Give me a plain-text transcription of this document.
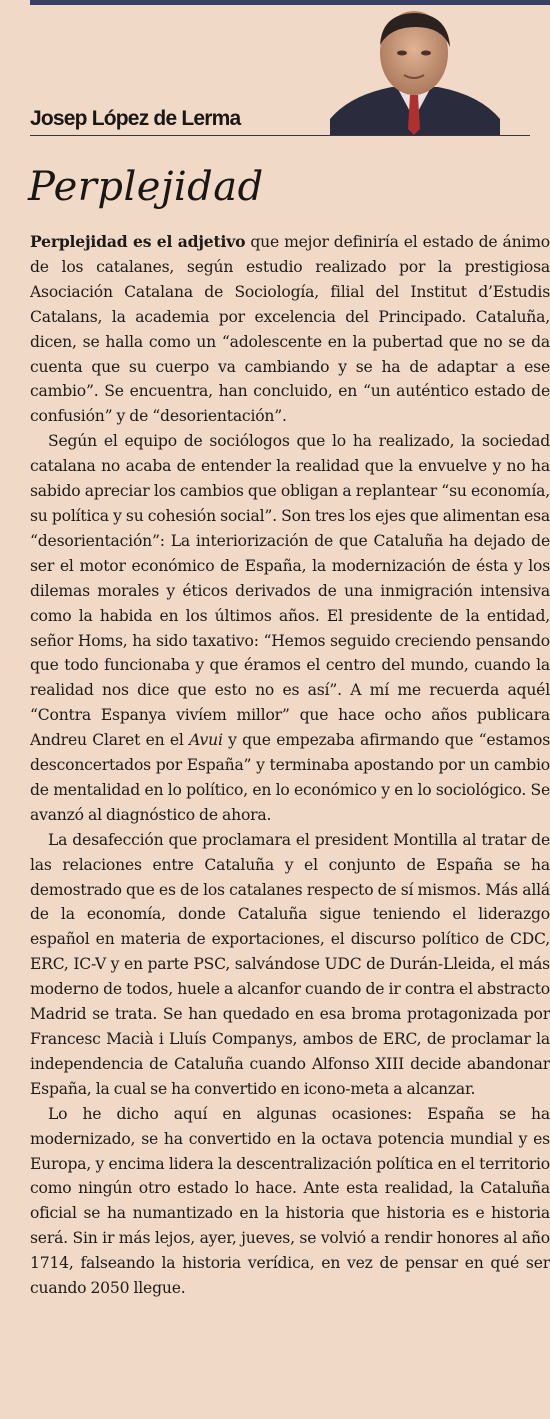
Josep López de Lerma
Perplejidad

Perplejidad es el adjetivo que mejor definiría el estado de ánimo de los catalanes, según estudio realizado por la prestigiosa Asociación Catalana de Sociología, filial del Institut d’Estudis Catalans, la academia por excelencia del Principado. Cataluña, dicen, se halla como un “adolescente en la pubertad que no se da cuenta que su cuerpo va cambiando y se ha de adaptar a ese cambio”. Se encuentra, han concluido, en “un auténtico estado de confusión” y de “desorientación”.

Según el equipo de sociólogos que lo ha realizado, la sociedad catalana no acaba de entender la realidad que la envuelve y no ha sabido apreciar los cambios que obligan a replantear “su economía, su política y su cohesión social”. Son tres los ejes que alimentan esa “desorientación”: La interiorización de que Cataluña ha dejado de ser el motor económico de España, la modernización de ésta y los dilemas morales y éticos derivados de una inmigración intensiva como la habida en los últimos años. El presidente de la entidad, señor Homs, ha sido taxativo: “Hemos seguido creciendo pensando que todo funcionaba y que éramos el centro del mundo, cuando la realidad nos dice que esto no es así”. A mí me recuerda aquél “Contra Espanya vivíem millor” que hace ocho años publicara Andreu Claret en el Avui y que empezaba afirmando que “estamos desconcertados por España” y terminaba apostando por un cambio de mentalidad en lo político, en lo económico y en lo sociológico. Se avanzó al diagnóstico de ahora.

La desafección que proclamara el president Montilla al tratar de las relaciones entre Cataluña y el conjunto de España se ha demostrado que es de los catalanes respecto de sí mismos. Más allá de la economía, donde Cataluña sigue teniendo el liderazgo español en materia de exportaciones, el discurso político de CDC, ERC, IC-V y en parte PSC, salvándose UDC de Durán-Lleida, el más moderno de todos, huele a alcanfor cuando de ir contra el abstracto Madrid se trata. Se han quedado en esa broma protagonizada por Francesc Macià i Lluís Companys, ambos de ERC, de proclamar la independencia de Cataluña cuando Alfonso XIII decide abandonar España, la cual se ha convertido en icono-meta a alcanzar.

Lo he dicho aquí en algunas ocasiones: España se ha modernizado, se ha convertido en la octava potencia mundial y es Europa, y encima lidera la descentralización política en el territorio como ningún otro estado lo hace. Ante esta realidad, la Cataluña oficial se ha numantizado en la historia que historia es e historia será. Sin ir más lejos, ayer, jueves, se volvió a rendir honores al año 1714, falseando la historia verídica, en vez de pensar en qué ser cuando 2050 llegue.
